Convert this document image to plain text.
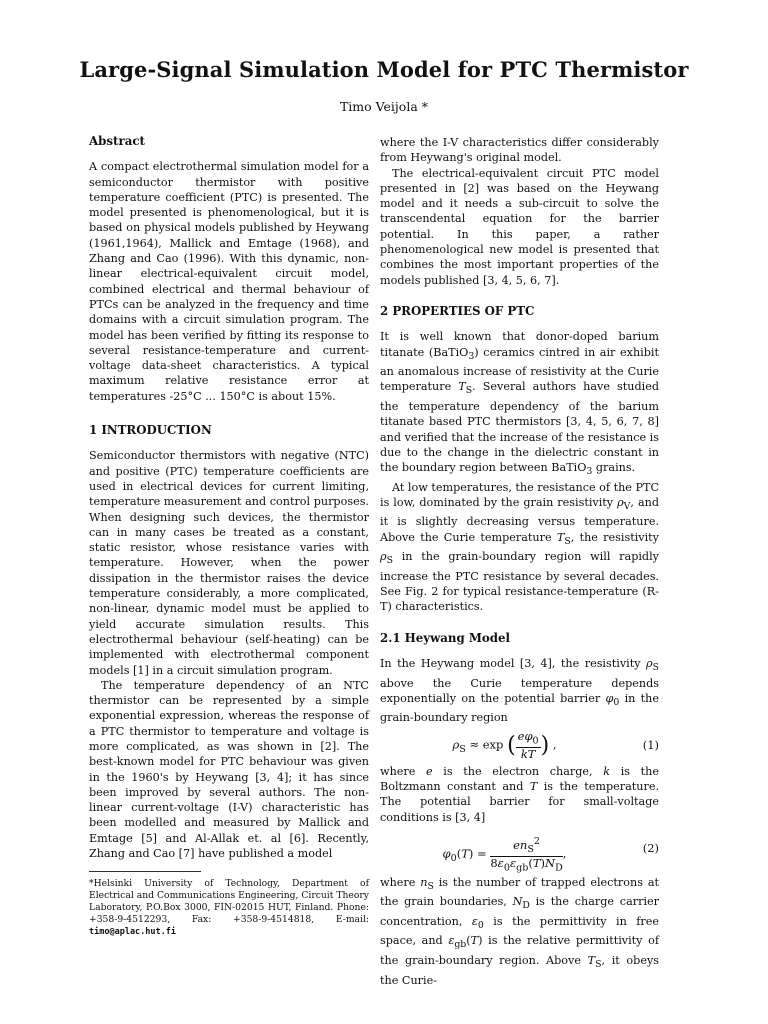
Large-Signal Simulation Model for PTC Thermistor
Timo Veijola *
Abstract

A compact electrothermal simulation model for a semiconductor thermistor with positive temperature coefficient (PTC) is presented. The model presented is phenomenological, but it is based on physical models published by Heywang (1961,1964), Mallick and Emtage (1968), and Zhang and Cao (1996). With this dynamic, non-linear electrical-equivalent circuit model, combined electrical and thermal behaviour of PTCs can be analyzed in the frequency and time domains with a circuit simulation program. The model has been verified by fitting its response to several resistance-temperature and current-voltage data-sheet characteristics. A typical maximum relative resistance error at temperatures -25°C ... 150°C is about 15%.

1 INTRODUCTION

Semiconductor thermistors with negative (NTC) and positive (PTC) temperature coefficients are used in electrical devices for current limiting, temperature measurement and control purposes. When designing such devices, the thermistor can in many cases be treated as a constant, static resistor, whose resistance varies with temperature. However, when the power dissipation in the thermistor raises the device temperature considerably, a more complicated, non-linear, dynamic model must be applied to yield accurate simulation results. This electrothermal behaviour (self-heating) can be implemented with electrothermal component models [1] in a circuit simulation program.

The temperature dependency of an NTC thermistor can be represented by a simple exponential expression, whereas the response of a PTC thermistor to temperature and voltage is more complicated, as was shown in [2]. The best-known model for PTC behaviour was given in the 1960's by Heywang [3, 4]; it has since been improved by several authors. The non-linear current-voltage (I-V) characteristic has been modelled and measured by Mallick and Emtage [5] and Al-Allak et. al [6]. Recently, Zhang and Cao [7] have published a model

*Helsinki University of Technology, Department of Electrical and Communications Engineering, Circuit Theory Laboratory, P.O.Box 3000, FIN-02015 HUT, Finland. Phone: +358-9-4512293, Fax: +358-9-4514818, E-mail: timo@aplac.hut.fi

where the I-V characteristics differ considerably from Heywang's original model.

The electrical-equivalent circuit PTC model presented in [2] was based on the Heywang model and it needs a sub-circuit to solve the transcendental equation for the barrier potential. In this paper, a rather phenomenological new model is presented that combines the most important properties of the models published [3, 4, 5, 6, 7].

2 PROPERTIES OF PTC

It is well known that donor-doped barium titanate (BaTiO$_3$) ceramics cintred in air exhibit an anomalous increase of resistivity at the Curie temperature $T_S$. Several authors have studied the temperature dependency of the barium titanate based PTC thermistors [3, 4, 5, 6, 7, 8] and verified that the increase of the resistance is due to the change in the dielectric constant in the boundary region between BaTiO$_3$ grains.

At low temperatures, the resistance of the PTC is low, dominated by the grain resistivity $\rho_V$, and it is slightly decreasing versus temperature. Above the Curie temperature $T_S$, the resistivity $\rho_S$ in the grain-boundary region will rapidly increase the PTC resistance by several decades. See Fig. 2 for typical resistance-temperature (R-T) characteristics.

2.1 Heywang Model

In the Heywang model [3, 4], the resistivity $\rho_S$ above the Curie temperature depends exponentially on the potential barrier $\varphi_0$ in the grain-boundary region

$\rho_S \approx \exp$ ( $\frac{e\varphi_0}{kT}$ ) ,	(1)

where e is the electron charge, k is the Boltzmann constant and T is the temperature. The potential barrier for small-voltage conditions is [3, 4]

$\varphi_0(T) = \frac{en_S^2}{8\varepsilon_0\varepsilon_{gb}(T)N_D}$ ,	(2)

where $n_S$ is the number of trapped electrons at the grain boundaries, $N_D$ is the charge carrier concentration, $\varepsilon_0$ is the permittivity in free space, and $\varepsilon_{gb}(T)$ is the relative permittivity of the grain-boundary region. Above $T_S$, it obeys the Curie-
